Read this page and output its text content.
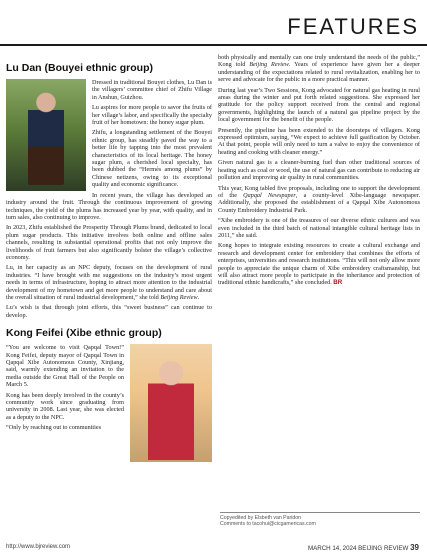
FEATURES
Lu Dan (Bouyei ethnic group)

Dressed in traditional Bouyei clothes, Lu Dan is the villagers’ committee chief of Zhifu Village in Anshun, Guizhou.

Lu aspires for more people to savor the fruits of her village’s labor, and specifically the specialty fruit of her hometown: the honey sugar plum.

Zhifu, a longstanding settlement of the Bouyei ethnic group, has steadily paved the way to a better life by tapping into the most prevalent characteristics of its local heritage. The honey sugar plum, a cherished local specialty, has been dubbed the “Hermès among plums” by Chinese netizens, owing to its exceptional quality and economic significance.

In recent years, the village has developed an industry around the fruit. Through the continuous improvement of growing techniques, the yield of the plums has increased year by year, with quality, and in turn sales, also continuing to improve.

In 2023, Zhifu established the Prosperity Through Plums brand, dedicated to local plum sugar products. This initiative involves both online and offline sales channels, resulting in substantial operational profits that not only improve the livelihoods of fruit farmers but also significantly bolster the village’s collective economy.

Lu, in her capacity as an NPC deputy, focuses on the development of rural industries. “I have brought with me suggestions on the industry’s most urgent needs in terms of infrastructure, hoping to attract more attention to the industrial development of my hometown and get more people to understand and care about the overall situation of rural industrial development,” she told Beijing Review.

Lu’s wish is that through joint efforts, this “sweet business” can continue to develop.

Kong Feifei (Xibe ethnic group)

“You are welcome to visit Qapqal Town!” Kong Feifei, deputy mayor of Qapqal Town in Qapqal Xibe Autonomous County, Xinjiang, said, warmly extending an invitation to the media outside the Great Hall of the People on March 5.

Kong has been deeply involved in the county’s community work since graduating from university in 2008. Last year, she was elected as a deputy to the NPC.

“Only by reaching out to communities

both physically and mentally can one truly understand the needs of the public,” Kong told Beijing Review. Years of experience have given her a deeper understanding of the expectations related to rural revitalization, enabling her to serve and advocate for the public in a more practical manner.

During last year’s Two Sessions, Kong advocated for natural gas heating in rural areas during the winter and put forth related suggestions. She expressed her gratitude for the policy support received from the central and regional governments, highlighting the launch of a natural gas pipeline project by the local government for the benefit of the people.

Presently, the pipeline has been extended to the doorsteps of villagers. Kong expressed optimism, saying, “We expect to achieve full gasification by October. At that point, people will only need to turn a valve to enjoy the convenience of heating and cooking with cleaner energy.”

Given natural gas is a cleaner-burning fuel than other traditional sources of heating such as coal or wood, the use of natural gas can contribute to reducing air pollution and improving air quality in rural communities.

This year, Kong tabled five proposals, including one to support the development of the Qapqal Newspaper, a county-level Xibe-language newspaper. Additionally, she proposed the establishment of a Qapqal Xibe Autonomous County Embroidery Industrial Park.

“Xibe embroidery is one of the treasures of our diverse ethnic cultures and was even included in the third batch of national intangible cultural heritage lists in 2011,” she said.

Kong hopes to integrate existing resources to create a cultural exchange and research and development center for embroidery that combines the efforts of enterprises, universities and research institutions. “This will not only allow more people to appreciate the unique charm of Xibe embroidery craftsmanship, but will also attract more people to participate in the inheritance and protection of traditional ethnic handicrafts,” she concluded. BR

Copyedited by Elsbeth van Paridon
Comments to tacohui@cicgamericas.com
http://www.bjreview.com	MARCH 14, 2024 BEIJING REVIEW 39
